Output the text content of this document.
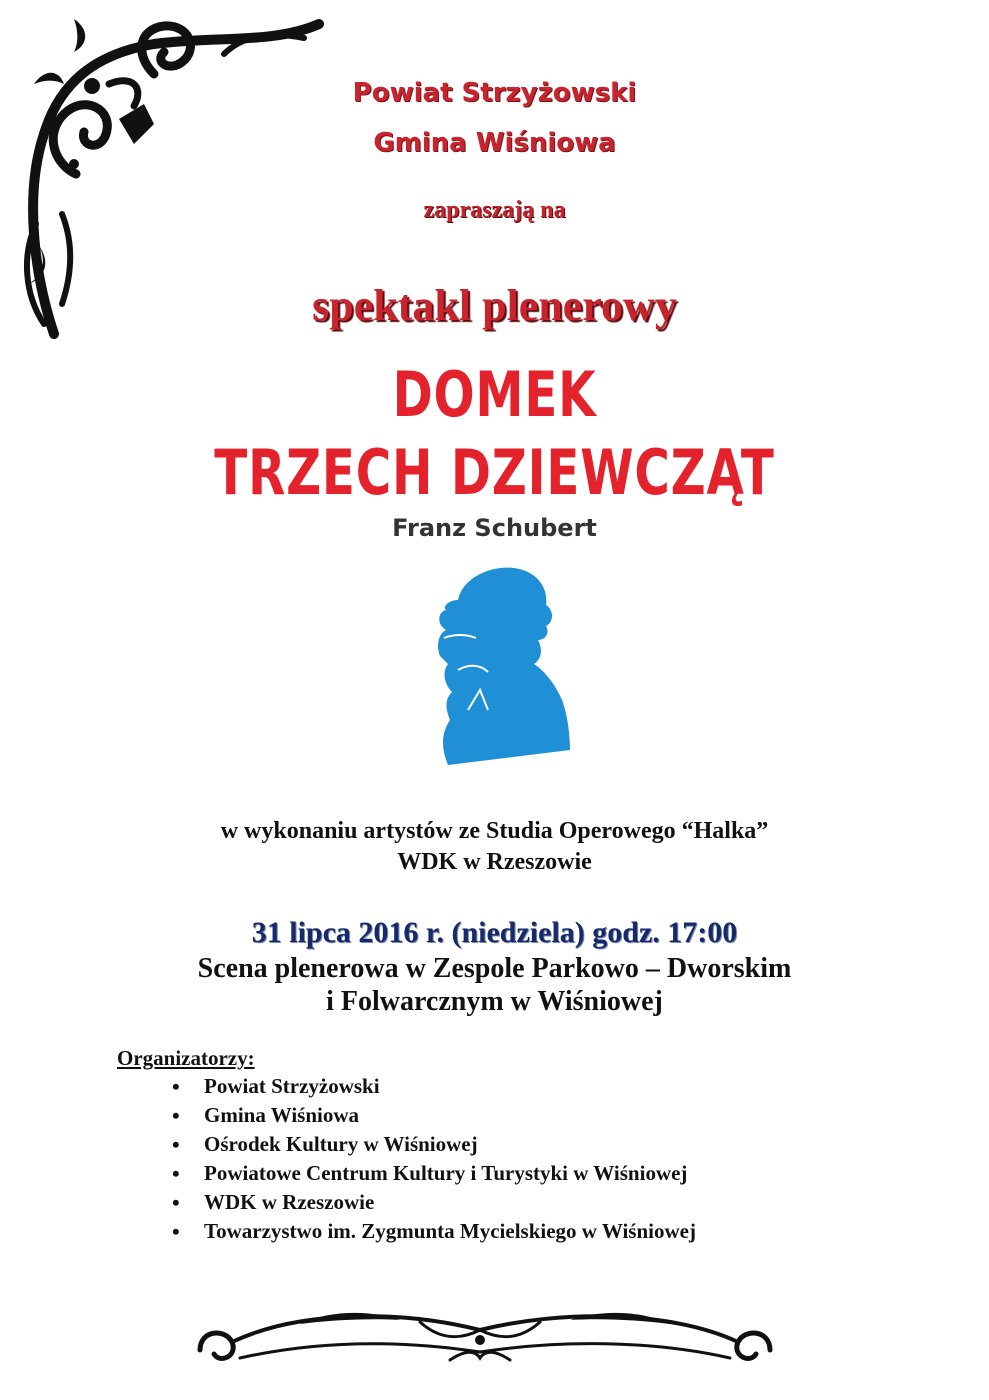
Powiat Strzyżowski
Gmina Wiśniowa
zapraszają na
spektakl plenerowy
DOMEK
TRZECH DZIEWCZĄT
Franz Schubert
w wykonaniu artystów ze Studia Operowego “Halka”
WDK w Rzeszowie
31 lipca 2016 r. (niedziela) godz. 17:00
Scena plenerowa w Zespole Parkowo – Dworskim
i Folwarcznym w Wiśniowej
Organizatorzy:
• Powiat Strzyżowski
• Gmina Wiśniowa
• Ośrodek Kultury w Wiśniowej
• Powiatowe Centrum Kultury i Turystyki w Wiśniowej
• WDK w Rzeszowie
• Towarzystwo im. Zygmunta Mycielskiego w Wiśniowej
